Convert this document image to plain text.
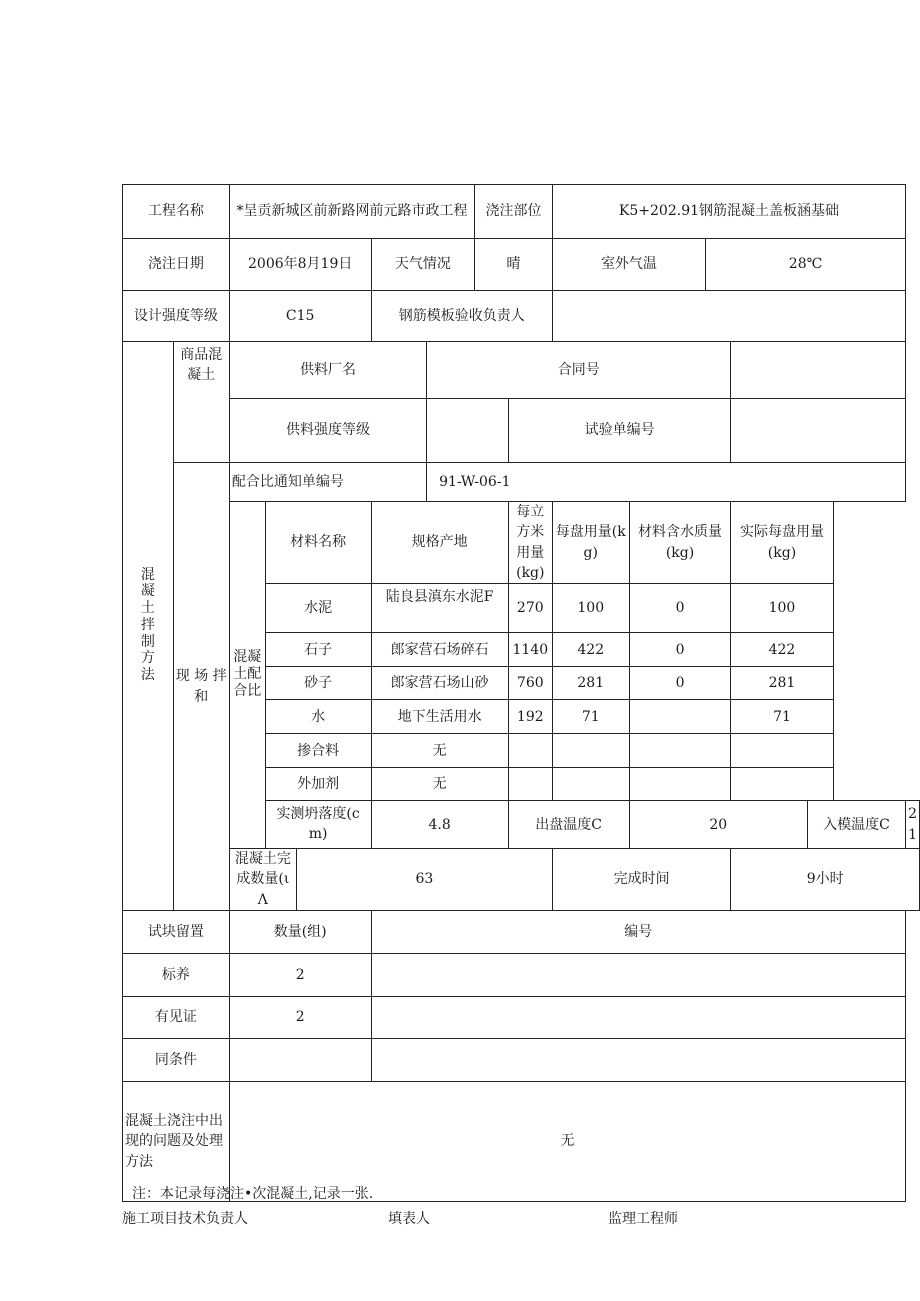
工程名称		*呈贡新城区前新路网前元路市政工程					浇注部位		K5+202.91钢筋混凝土盖板涵基础					
浇注日期		2006年8月19日			天气情况		晴		室外气温		28℃			
设计强度等级		C15			钢筋模板验收负责人									
混凝土拌制方法	商品混凝土	供料厂名				合同号								
		供料强度等级						试验单编号						
	现 场 拌和	配合比通知单编号				91-W-06-1								
		混凝土配合比	材料名称		规格产地			每立方米用量(kg)	每盘用量(kg)	材料含水质量(kg)		实际每盘用量(kg)		
			水泥		陆良县滇东水泥F			270	100	0		100		
			石子		郎家营石场碎石			1140	422	0		422		
			砂子		郎家营石场山砂			760	281	0		281		
			水		地下生活用水			192	71			71		
			掺合料		无									
			外加剂		无									
			实测坍落度(cm)		4.8			出盘温度C		20			入模温度C	21
		混凝土完成数量(ιΛ		63					完成时间			9小时		
试块留置		数量(组)			编号									
标养		2												
有见证		2												
同条件														
混凝土浇注中出现的问题及处理方法		无												
注：本记录每浇注•次混凝土,记录一张.
施工项目技术负责人	填表人	监理工程师
